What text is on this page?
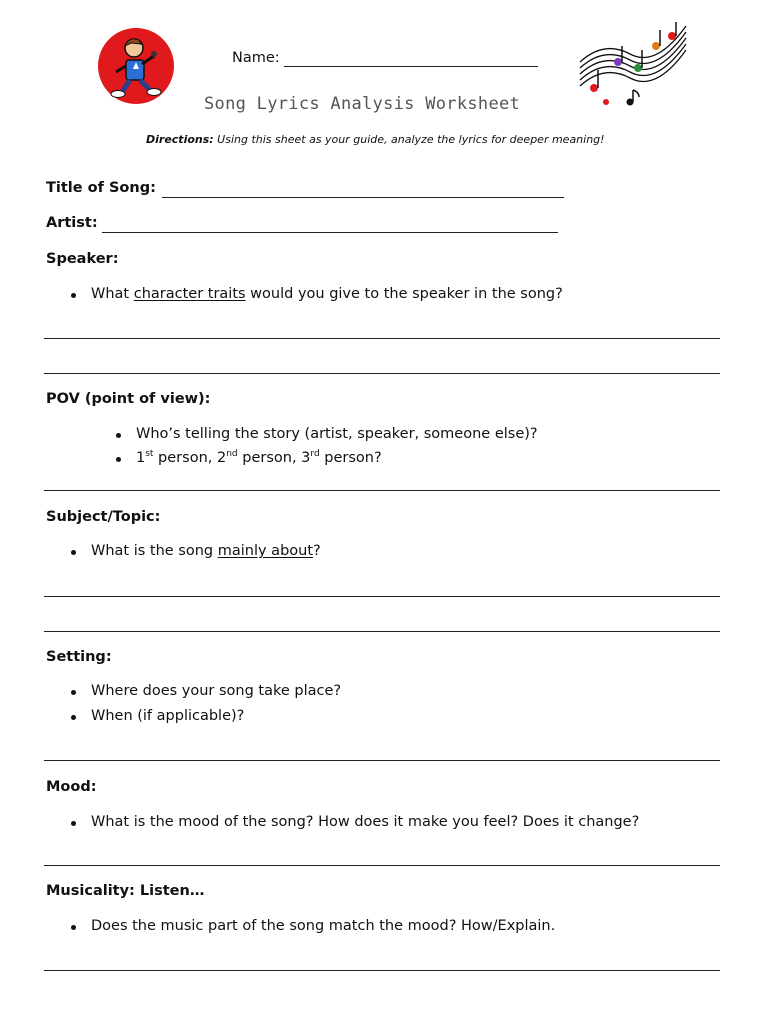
Name:
Song Lyrics Analysis Worksheet
Directions: Using this sheet as your guide, analyze the lyrics for deeper meaning!
Title of Song:
Artist:
Speaker:
What character traits would you give to the speaker in the song?
POV (point of view):
Who’s telling the story (artist, speaker, someone else)?
1st person, 2nd person, 3rd person?
Subject/Topic:
What is the song mainly about?
Setting:
Where does your song take place?
When (if applicable)?
Mood:
What is the mood of the song? How does it make you feel? Does it change?
Musicality: Listen…
Does the music part of the song match the mood? How/Explain.
